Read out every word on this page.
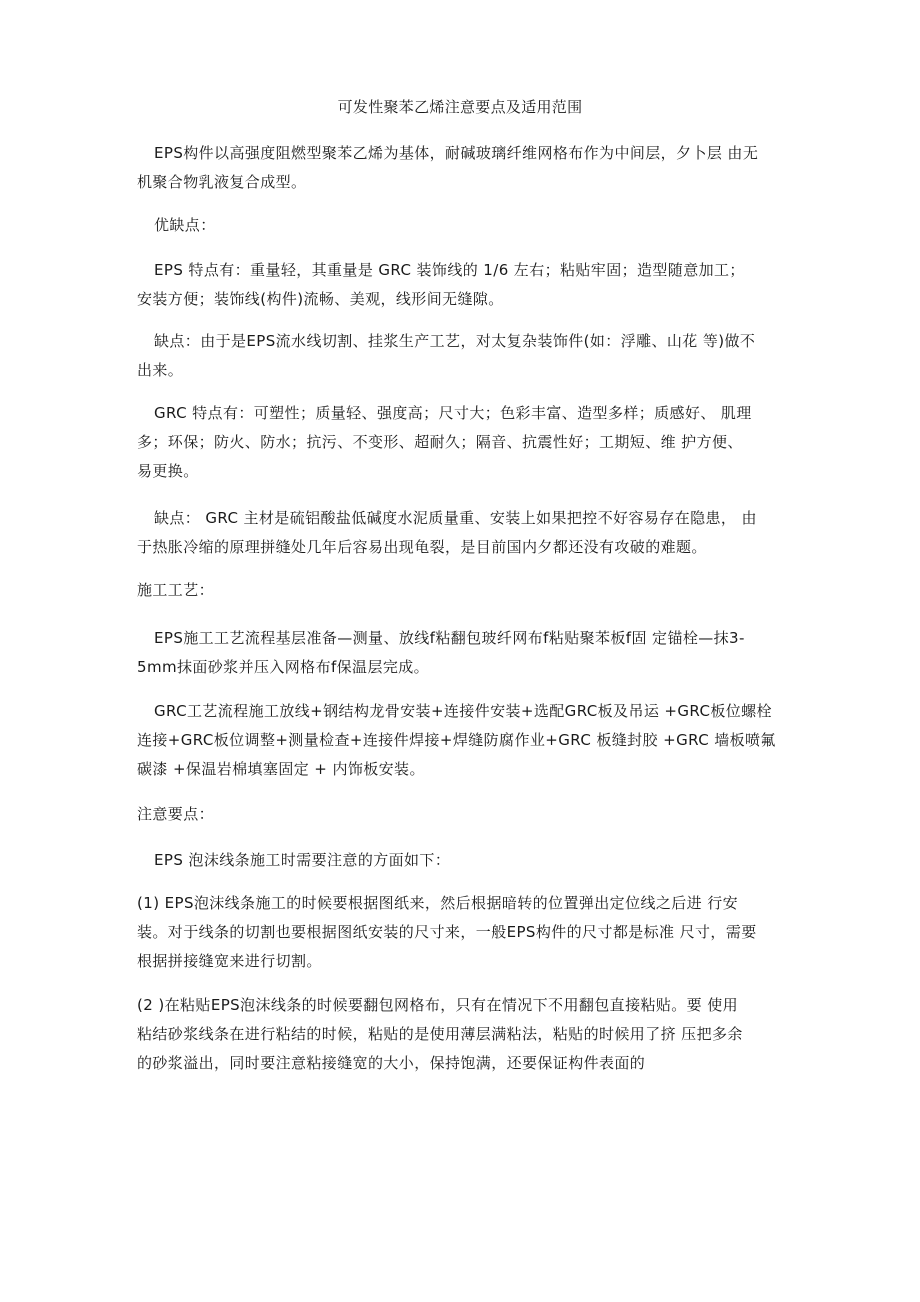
可发性聚苯乙烯注意要点及适用范围
EPS构件以高强度阻燃型聚苯乙烯为基体，耐碱玻璃纤维网格布作为中间层，夕卜层 由无
机聚合物乳液复合成型。
优缺点：
EPS 特点有：重量轻，其重量是 GRC 装饰线的 1/6 左右；粘贴牢固；造型随意加工；
安装方便；装饰线(构件)流畅、美观，线形间无缝隙。
缺点：由于是EPS流水线切割、挂浆生产工艺，对太复杂装饰件(如：浮雕、山花 等)做不
出来。
GRC 特点有：可塑性；质量轻、强度高；尺寸大；色彩丰富、造型多样；质感好、 肌理
多；环保；防火、防水；抗污、不变形、超耐久；隔音、抗震性好；工期短、维 护方便、
易更换。
缺点： GRC 主材是硫铝酸盐低碱度水泥质量重、安装上如果把控不好容易存在隐患， 由
于热胀冷缩的原理拼缝处几年后容易出现龟裂，是目前国内夕都还没有攻破的难题。
施工工艺：
EPS施工工艺流程基层准备—测量、放线f粘翻包玻纤网布f粘贴聚苯板f固 定锚栓—抹3-
5mm抹面砂浆并压入网格布f保温层完成。
GRC工艺流程施工放线+钢结构龙骨安装+连接件安装+选配GRC板及吊运 +GRC板位螺栓
连接+GRC板位调整+测量检查+连接件焊接+焊缝防腐作业+GRC 板缝封胶 +GRC 墙板喷氟
碳漆 +保温岩棉填塞固定 + 内饰板安装。
注意要点：
EPS 泡沫线条施工时需要注意的方面如下：
(1) EPS泡沫线条施工的时候要根据图纸来，然后根据暗转的位置弹出定位线之后进 行安
装。对于线条的切割也要根据图纸安装的尺寸来，一般EPS构件的尺寸都是标准 尺寸，需要
根据拼接缝宽来进行切割。
(2 )在粘贴EPS泡沫线条的时候要翻包网格布，只有在情况下不用翻包直接粘贴。要 使用
粘结砂浆线条在进行粘结的时候，粘贴的是使用薄层满粘法，粘贴的时候用了挤 压把多余
的砂浆溢出，同时要注意粘接缝宽的大小，保持饱满，还要保证构件表面的
